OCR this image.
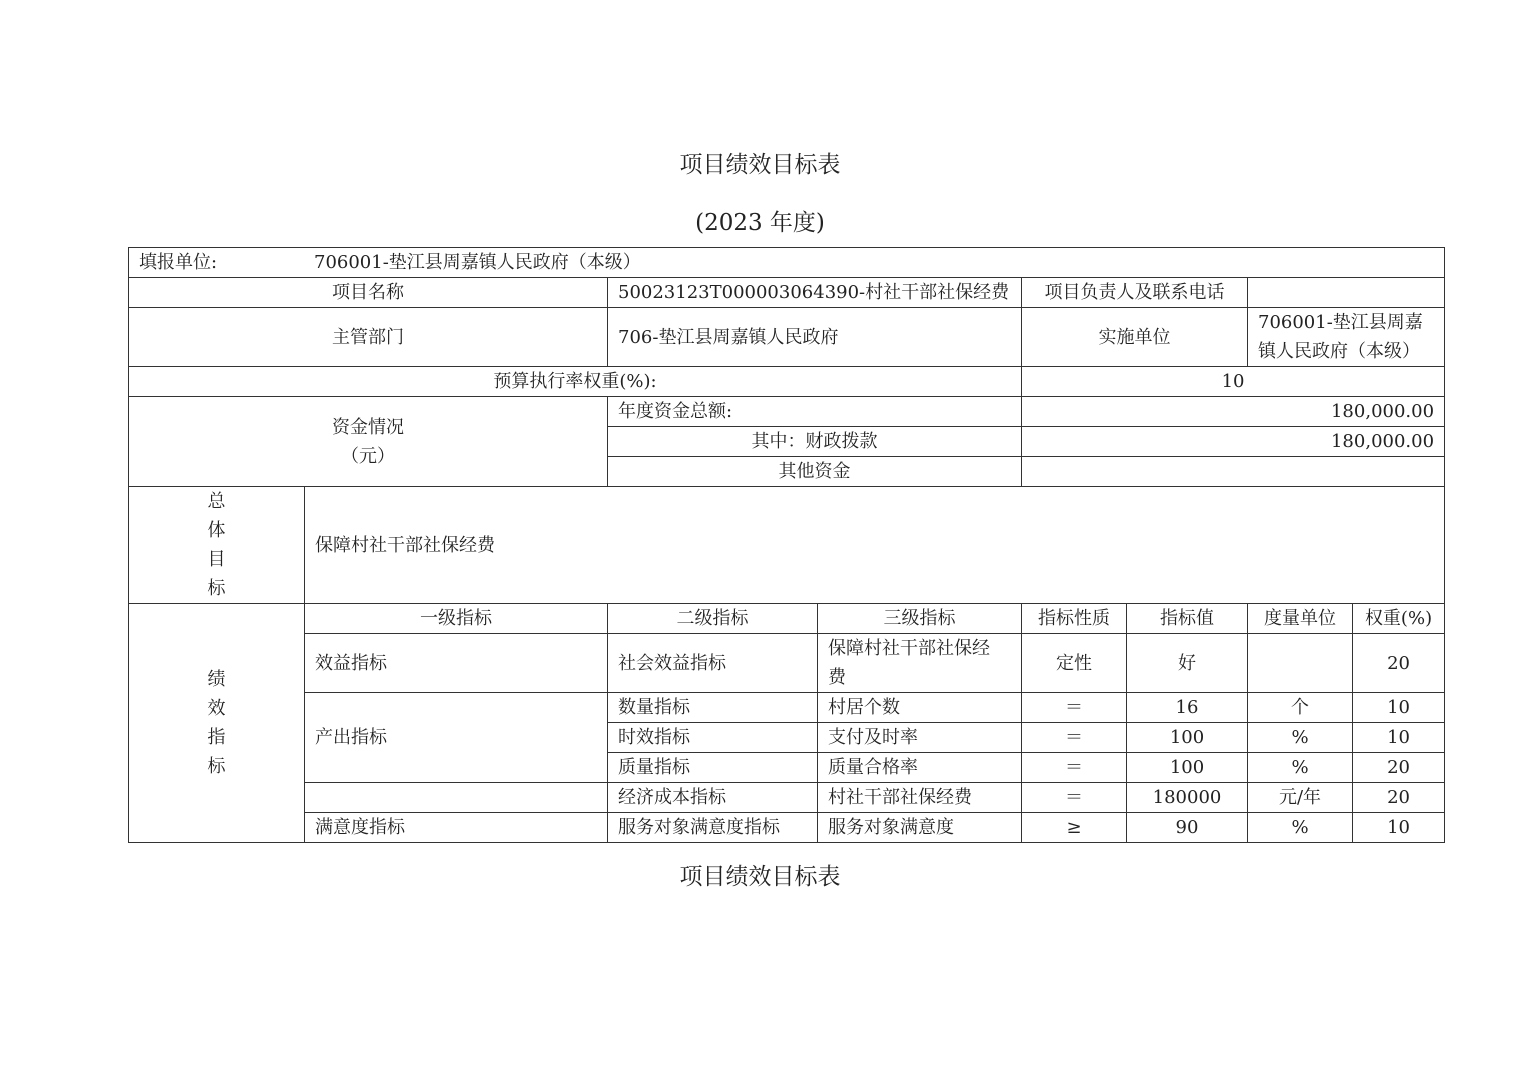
项目绩效目标表
(2023 年度)
填报单位: 706001-垫江县周嘉镇人民政府（本级）							
项目名称		50023123T000003064390-村社干部社保经费		项目负责人及联系电话			
主管部门		706-垫江县周嘉镇人民政府		实施单位		706001-垫江县周嘉
镇人民政府（本级）	

预算执行率权重(%):				10			

资金情况
（元）		年度资金总额:		180,000.00			
		其中：财政拨款		180,000.00			
		其他资金					

总
体
目
标	保障村社干部社保经费						

绩
效
指
标	一级指标	二级指标	三级指标	指标性质	指标值	度量单位	权重(%)
	效益指标	社会效益指标	保障村社干部社保经
费	定性	好		20
	产出指标	数量指标	村居个数	＝	16	个	10
		时效指标	支付及时率	＝	100	%	10
		质量指标	质量合格率	＝	100	%	20
		经济成本指标	村社干部社保经费	＝	180000	元/年	20
	满意度指标	服务对象满意度指标	服务对象满意度	≥	90	%	10
项目绩效目标表
